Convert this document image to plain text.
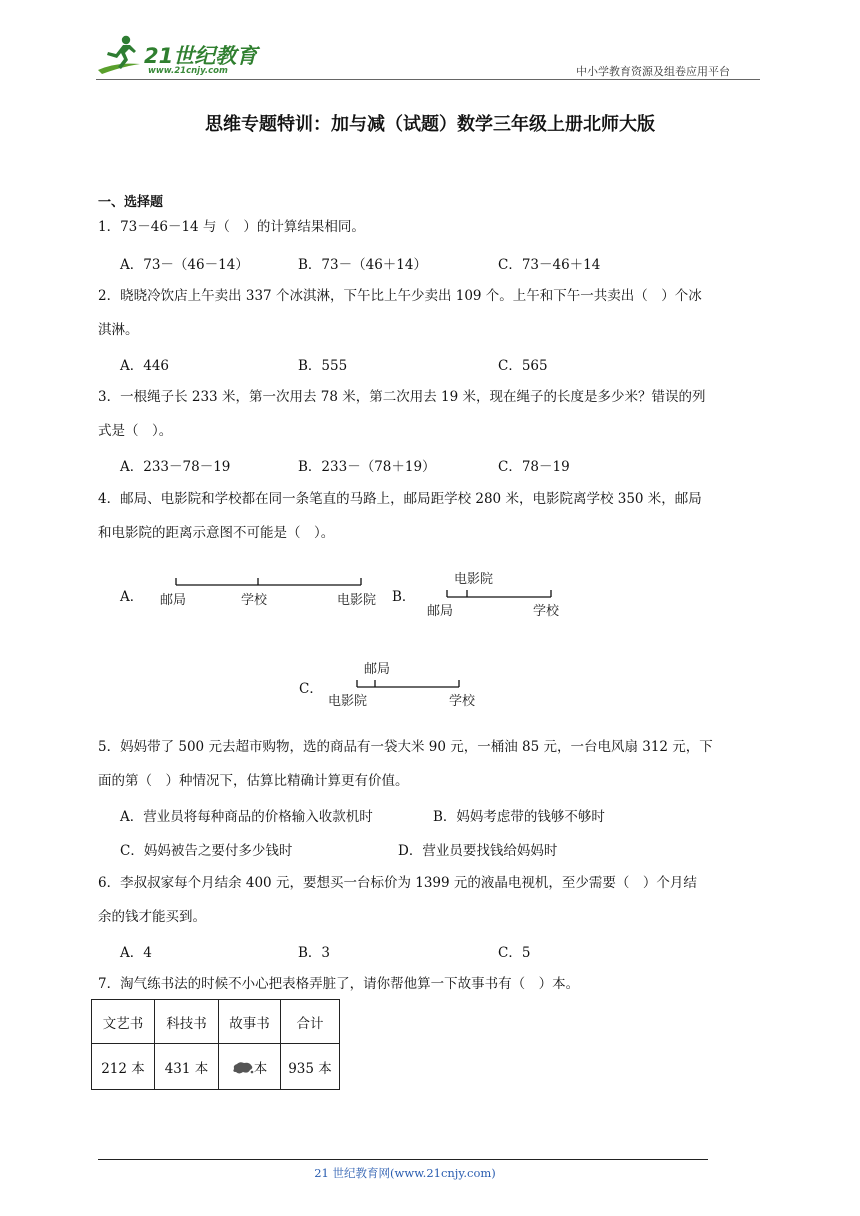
21世纪教育
www.21cnjy.com	中小学教育资源及组卷应用平台
思维专题特训：加与减（试题）数学三年级上册北师大版
一、选择题
1．73－46－14 与（　）的计算结果相同。
A．73－（46－14）	B．73－（46＋14）	C．73－46＋14
2．晓晓冷饮店上午卖出 337 个冰淇淋，下午比上午少卖出 109 个。上午和下午一共卖出（　）个冰
淇淋。
A．446	B．555	C．565
3．一根绳子长 233 米，第一次用去 78 米，第二次用去 19 米，现在绳子的长度是多少米？错误的列
式是（　）。
A．233－78－19	B．233－（78＋19）	C．78－19
4．邮局、电影院和学校都在同一条笔直的马路上，邮局距学校 280 米，电影院离学校 350 米，邮局
和电影院的距离示意图不可能是（　）。
A．	B．
C．
邮局	学校	电影院
电影院
邮局	学校
邮局
电影院	学校
5．妈妈带了 500 元去超市购物，选的商品有一袋大米 90 元，一桶油 85 元，一台电风扇 312 元，下
面的第（　）种情况下，估算比精确计算更有价值。
A．营业员将每种商品的价格输入收款机时	B．妈妈考虑带的钱够不够时
C．妈妈被告之要付多少钱时	D．营业员要找钱给妈妈时
6．李叔叔家每个月结余 400 元，要想买一台标价为 1399 元的液晶电视机，至少需要（　）个月结
余的钱才能买到。
A．4	B．3	C．5
7．淘气练书法的时候不小心把表格弄脏了，请你帮他算一下故事书有（　）本。
文艺书	科技书	故事书	合计
212 本	431 本	本	935 本
21 世纪教育网(www.21cnjy.com)
